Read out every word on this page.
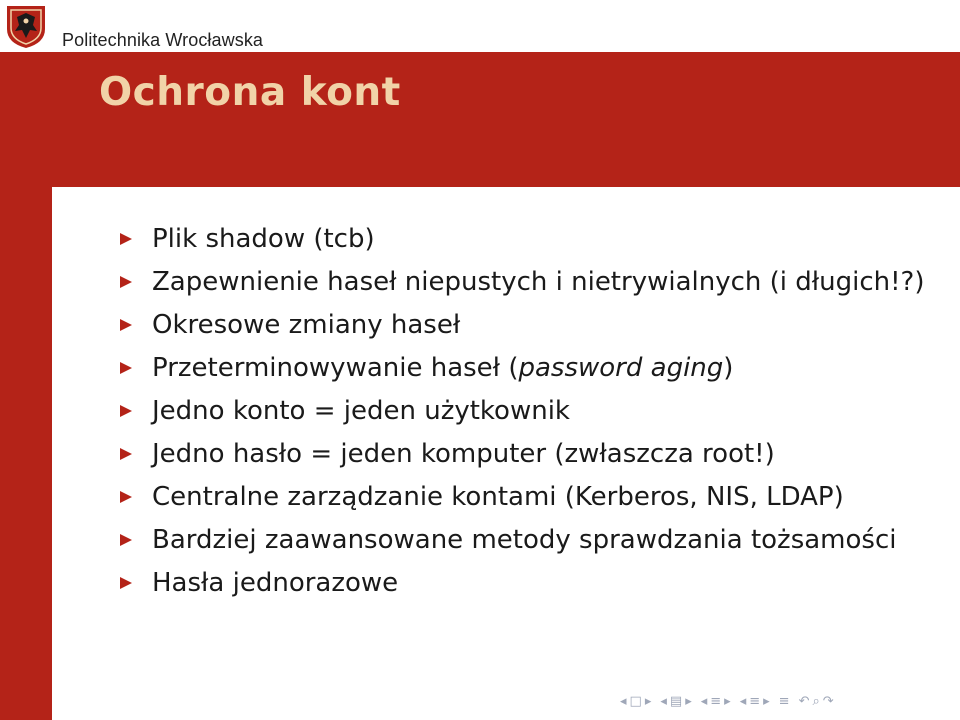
Politechnika Wrocławska
Ochrona kont
Plik shadow (tcb)
Zapewnienie haseł niepustych i nietrywialnych (i długich!?)
Okresowe zmiany haseł
Przeterminowywanie haseł (password aging)
Jedno konto = jeden użytkownik
Jedno hasło = jeden komputer (zwłaszcza root!)
Centralne zarządzanie kontami (Kerberos, NIS, LDAP)
Bardziej zaawansowane metody sprawdzania tożsamości
Hasła jednorazowe
◂ □ ▸ ◂ ▤ ▸ ◂ ≡ ▸ ◂ ≡ ▸ ≡ ↶ ⌕ ↷
